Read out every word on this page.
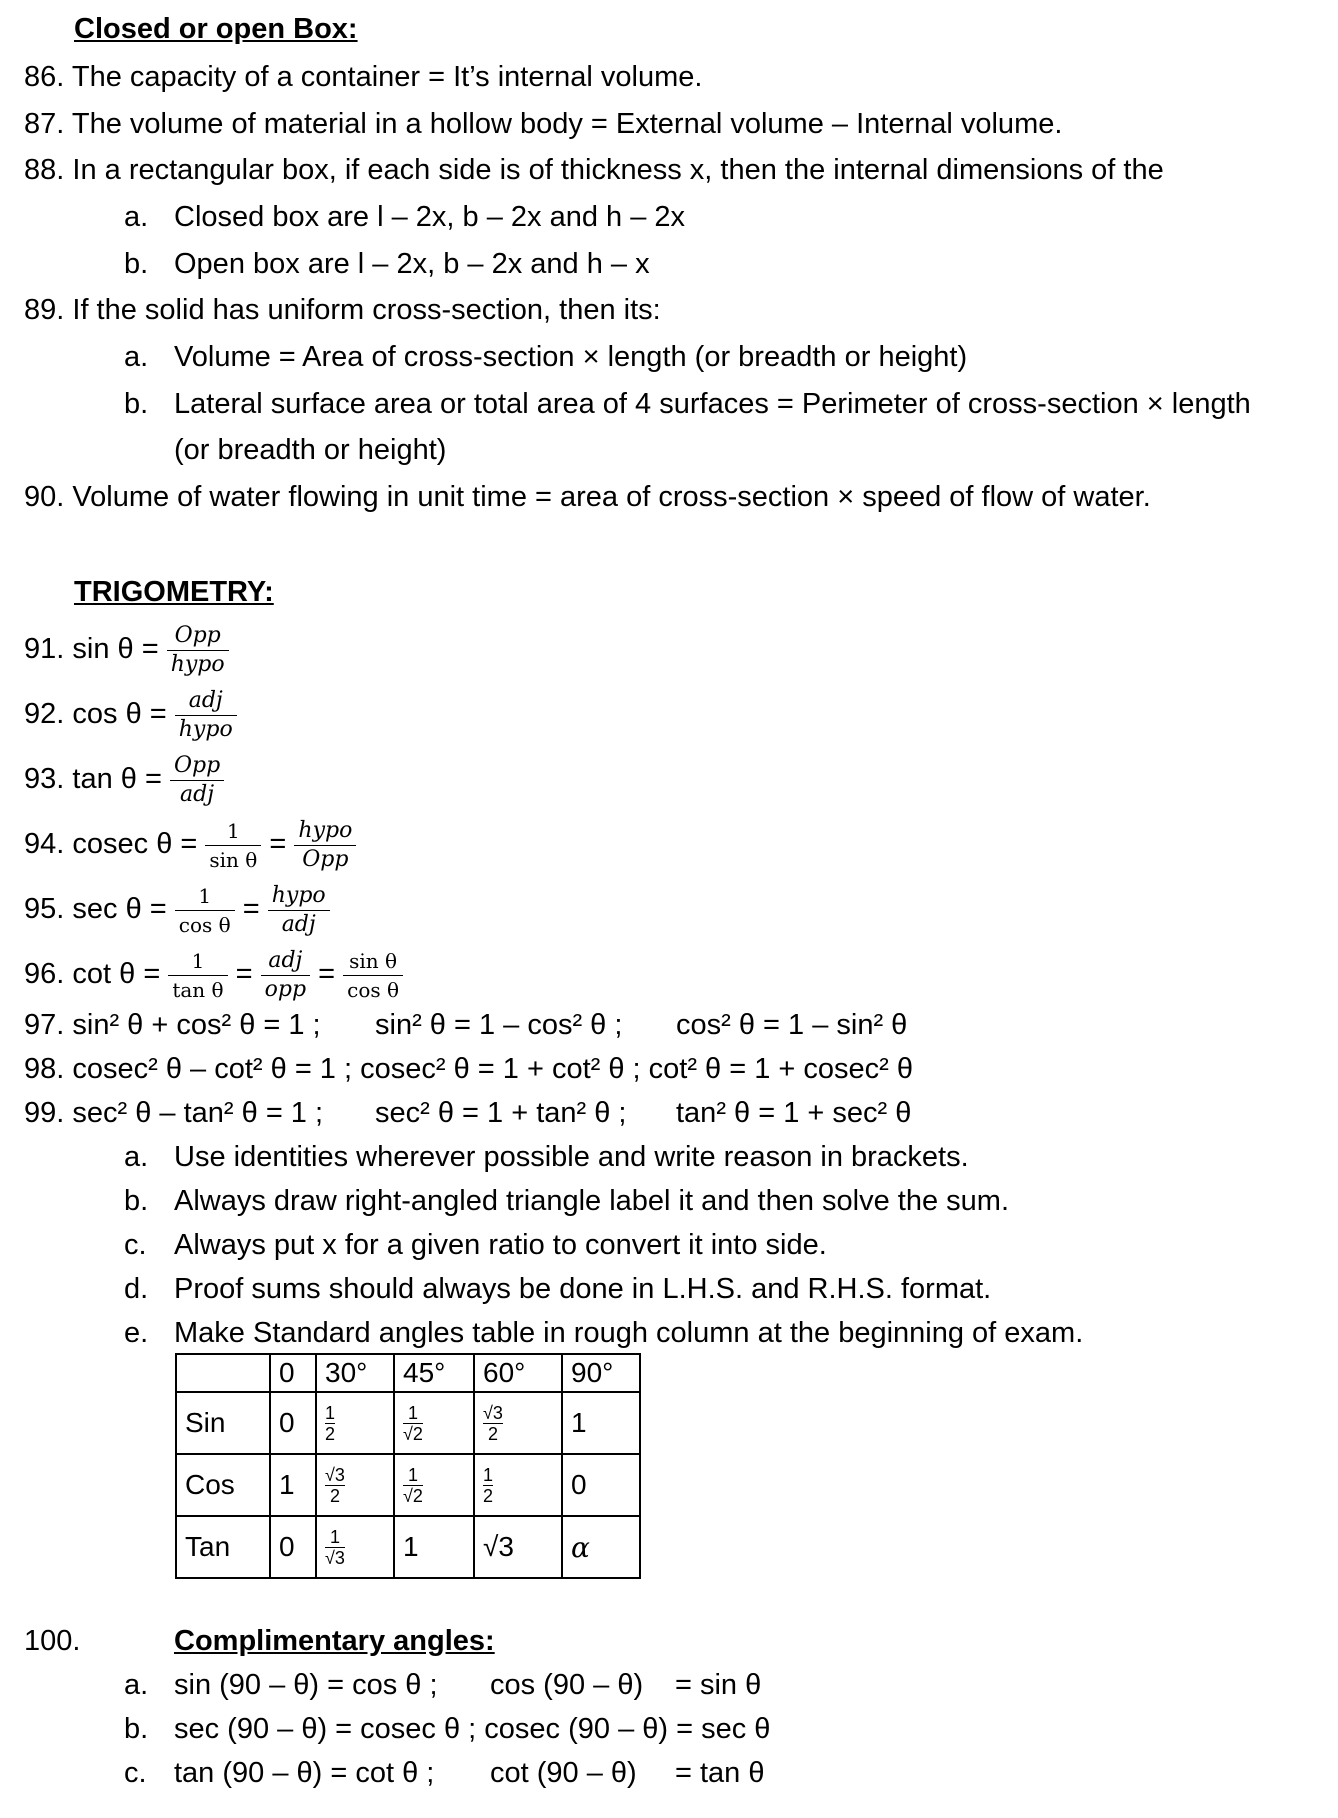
Closed or open Box:
86. The capacity of a container = It’s internal volume.
87. The volume of material in a hollow body = External volume – Internal volume.
88. In a rectangular box, if each side is of thickness x, then the internal dimensions of the
a. Closed box are l – 2x, b – 2x and h – 2x
b. Open box are l – 2x, b – 2x and h – x
89. If the solid has uniform cross-section, then its:
a. Volume = Area of cross-section × length (or breadth or height)
b. Lateral surface area or total area of 4 surfaces = Perimeter of cross-section × length
(or breadth or height)
90. Volume of water flowing in unit time = area of cross-section × speed of flow of water.
TRIGOMETRY:
91. $\sin \theta = \frac{\text{Opp}}{\text{hypo}}$
92. $\cos \theta = \frac{\text{adj}}{\text{hypo}}$
93. $\tan \theta = \frac{\text{Opp}}{\text{adj}}$
94. cosec $\theta = \frac{1}{\text{sin θ}} = \frac{\text{hypo}}{\text{Opp}}$
95. $\sec \theta = \frac{1}{\text{cos θ}} = \frac{\text{hypo}}{\text{adj}}$
96. $\cot \theta = \frac{1}{\text{tan θ}} = \frac{\text{adj}}{\text{opp}} = \frac{\text{sin θ}}{\text{cos θ}}$
97. sin² θ + cos² θ = 1 ; sin² θ = 1 – cos² θ ; cos² θ = 1 – sin² θ
98. cosec² θ – cot² θ = 1 ; cosec² θ = 1 + cot² θ ; cot² θ = 1 + cosec² θ
99. sec² θ – tan² θ = 1 ; sec² θ = 1 + tan² θ ; tan² θ = 1 + sec² θ
a. Use identities wherever possible and write reason in brackets.
b. Always draw right-angled triangle label it and then solve the sum.
c. Always put x for a given ratio to convert it into side.
d. Proof sums should always be done in L.H.S. and R.H.S. format.
e. Make Standard angles table in rough column at the beginning of exam.
	0	30°	45°	60°	90°
Sin	0	$\frac{1}{2}$	$\frac{1}{√2}$	$\frac{√3}{2}$	1
Cos	1	$\frac{√3}{2}$	$\frac{1}{√2}$	$\frac{1}{2}$	0
Tan	0	$\frac{1}{√3}$	1	√3	α
100.	Complimentary angles:
a. sin (90 – θ) = cos θ ; cos (90 – θ) = sin θ
b. sec (90 – θ) = cosec θ ; cosec (90 – θ) = sec θ
c. tan (90 – θ) = cot θ ; cot (90 – θ) = tan θ
